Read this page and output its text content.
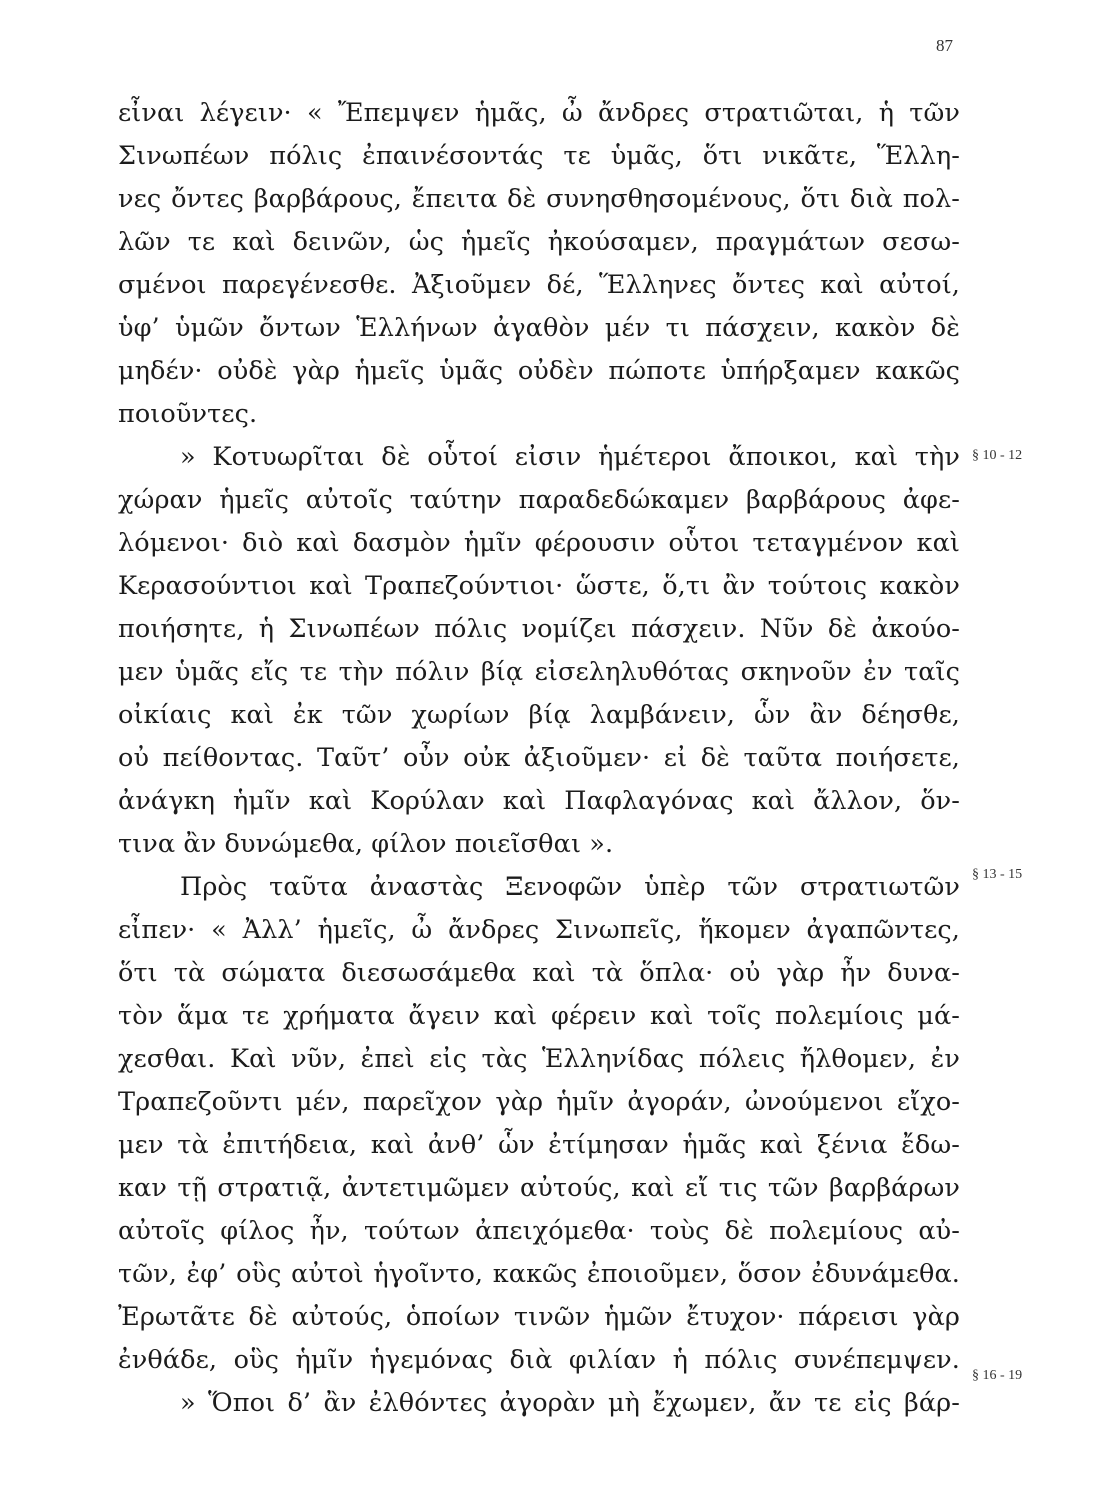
87
εἶναι λέγειν· « Ἔπεμψεν ἡμᾶς, ὦ ἄνδρες στρατιῶται, ἡ τῶν
Σινωπέων πόλις ἐπαινέσοντάς τε ὑμᾶς, ὅτι νικᾶτε, Ἕλλη-
νες ὄντες βαρβάρους, ἔπειτα δὲ συνησθησομένους, ὅτι διὰ πολ-
λῶν τε καὶ δεινῶν, ὡς ἡμεῖς ἠκούσαμεν, πραγμάτων σεσω-
σμένοι παρεγένεσθε. Ἀξιοῦμεν δέ, Ἕλληνες ὄντες καὶ αὐτοί,
ὑφ’ ὑμῶν ὄντων Ἑλλήνων ἀγαθὸν μέν τι πάσχειν, κακὸν δὲ
μηδέν· οὐδὲ γὰρ ἡμεῖς ὑμᾶς οὐδὲν πώποτε ὑπήρξαμεν κακῶς
ποιοῦντες.
» Κοτυωρῖται δὲ οὗτοί εἰσιν ἡμέτεροι ἄποικοι, καὶ τὴν
χώραν ἡμεῖς αὐτοῖς ταύτην παραδεδώκαμεν βαρβάρους ἀφε-
λόμενοι· διὸ καὶ δασμὸν ἡμῖν φέρουσιν οὗτοι τεταγμένον καὶ
Κερασούντιοι καὶ Τραπεζούντιοι· ὥστε, ὅ,τι ἂν τούτοις κακὸν
ποιήσητε, ἡ Σινωπέων πόλις νομίζει πάσχειν. Νῦν δὲ ἀκούο-
μεν ὑμᾶς εἴς τε τὴν πόλιν βίᾳ εἰσεληλυθότας σκηνοῦν ἐν ταῖς
οἰκίαις καὶ ἐκ τῶν χωρίων βίᾳ λαμβάνειν, ὧν ἂν δέησθε,
οὐ πείθοντας. Ταῦτ’ οὖν οὐκ ἀξιοῦμεν· εἰ δὲ ταῦτα ποιήσετε,
ἀνάγκη ἡμῖν καὶ Κορύλαν καὶ Παφλαγόνας καὶ ἄλλον, ὅν-
τινα ἂν δυνώμεθα, φίλον ποιεῖσθαι ».
Πρὸς ταῦτα ἀναστὰς Ξενοφῶν ὑπὲρ τῶν στρατιωτῶν
εἶπεν· « Ἀλλ’ ἡμεῖς, ὦ ἄνδρες Σινωπεῖς, ἥκομεν ἀγαπῶντες,
ὅτι τὰ σώματα διεσωσάμεθα καὶ τὰ ὅπλα· οὐ γὰρ ἦν δυνα-
τὸν ἅμα τε χρήματα ἄγειν καὶ φέρειν καὶ τοῖς πολεμίοις μά-
χεσθαι. Καὶ νῦν, ἐπεὶ εἰς τὰς Ἑλληνίδας πόλεις ἤλθομεν, ἐν
Τραπεζοῦντι μέν, παρεῖχον γὰρ ἡμῖν ἀγοράν, ὠνούμενοι εἴχο-
μεν τὰ ἐπιτήδεια, καὶ ἀνθ’ ὧν ἐτίμησαν ἡμᾶς καὶ ξένια ἔδω-
καν τῇ στρατιᾷ, ἀντετιμῶμεν αὐτούς, καὶ εἴ τις τῶν βαρβάρων
αὐτοῖς φίλος ἦν, τούτων ἀπειχόμεθα· τοὺς δὲ πολεμίους αὐ-
τῶν, ἐφ’ οὓς αὐτοὶ ἡγοῖντο, κακῶς ἐποιοῦμεν, ὅσον ἐδυνάμεθα.
Ἐρωτᾶτε δὲ αὐτούς, ὁποίων τινῶν ἡμῶν ἔτυχον· πάρεισι γὰρ
ἐνθάδε, οὓς ἡμῖν ἡγεμόνας διὰ φιλίαν ἡ πόλις συνέπεμψεν.
» Ὅποι δ’ ἂν ἐλθόντες ἀγορὰν μὴ ἔχωμεν, ἄν τε εἰς βάρ-
§ 10 - 12
§ 13 - 15
§ 16 - 19
